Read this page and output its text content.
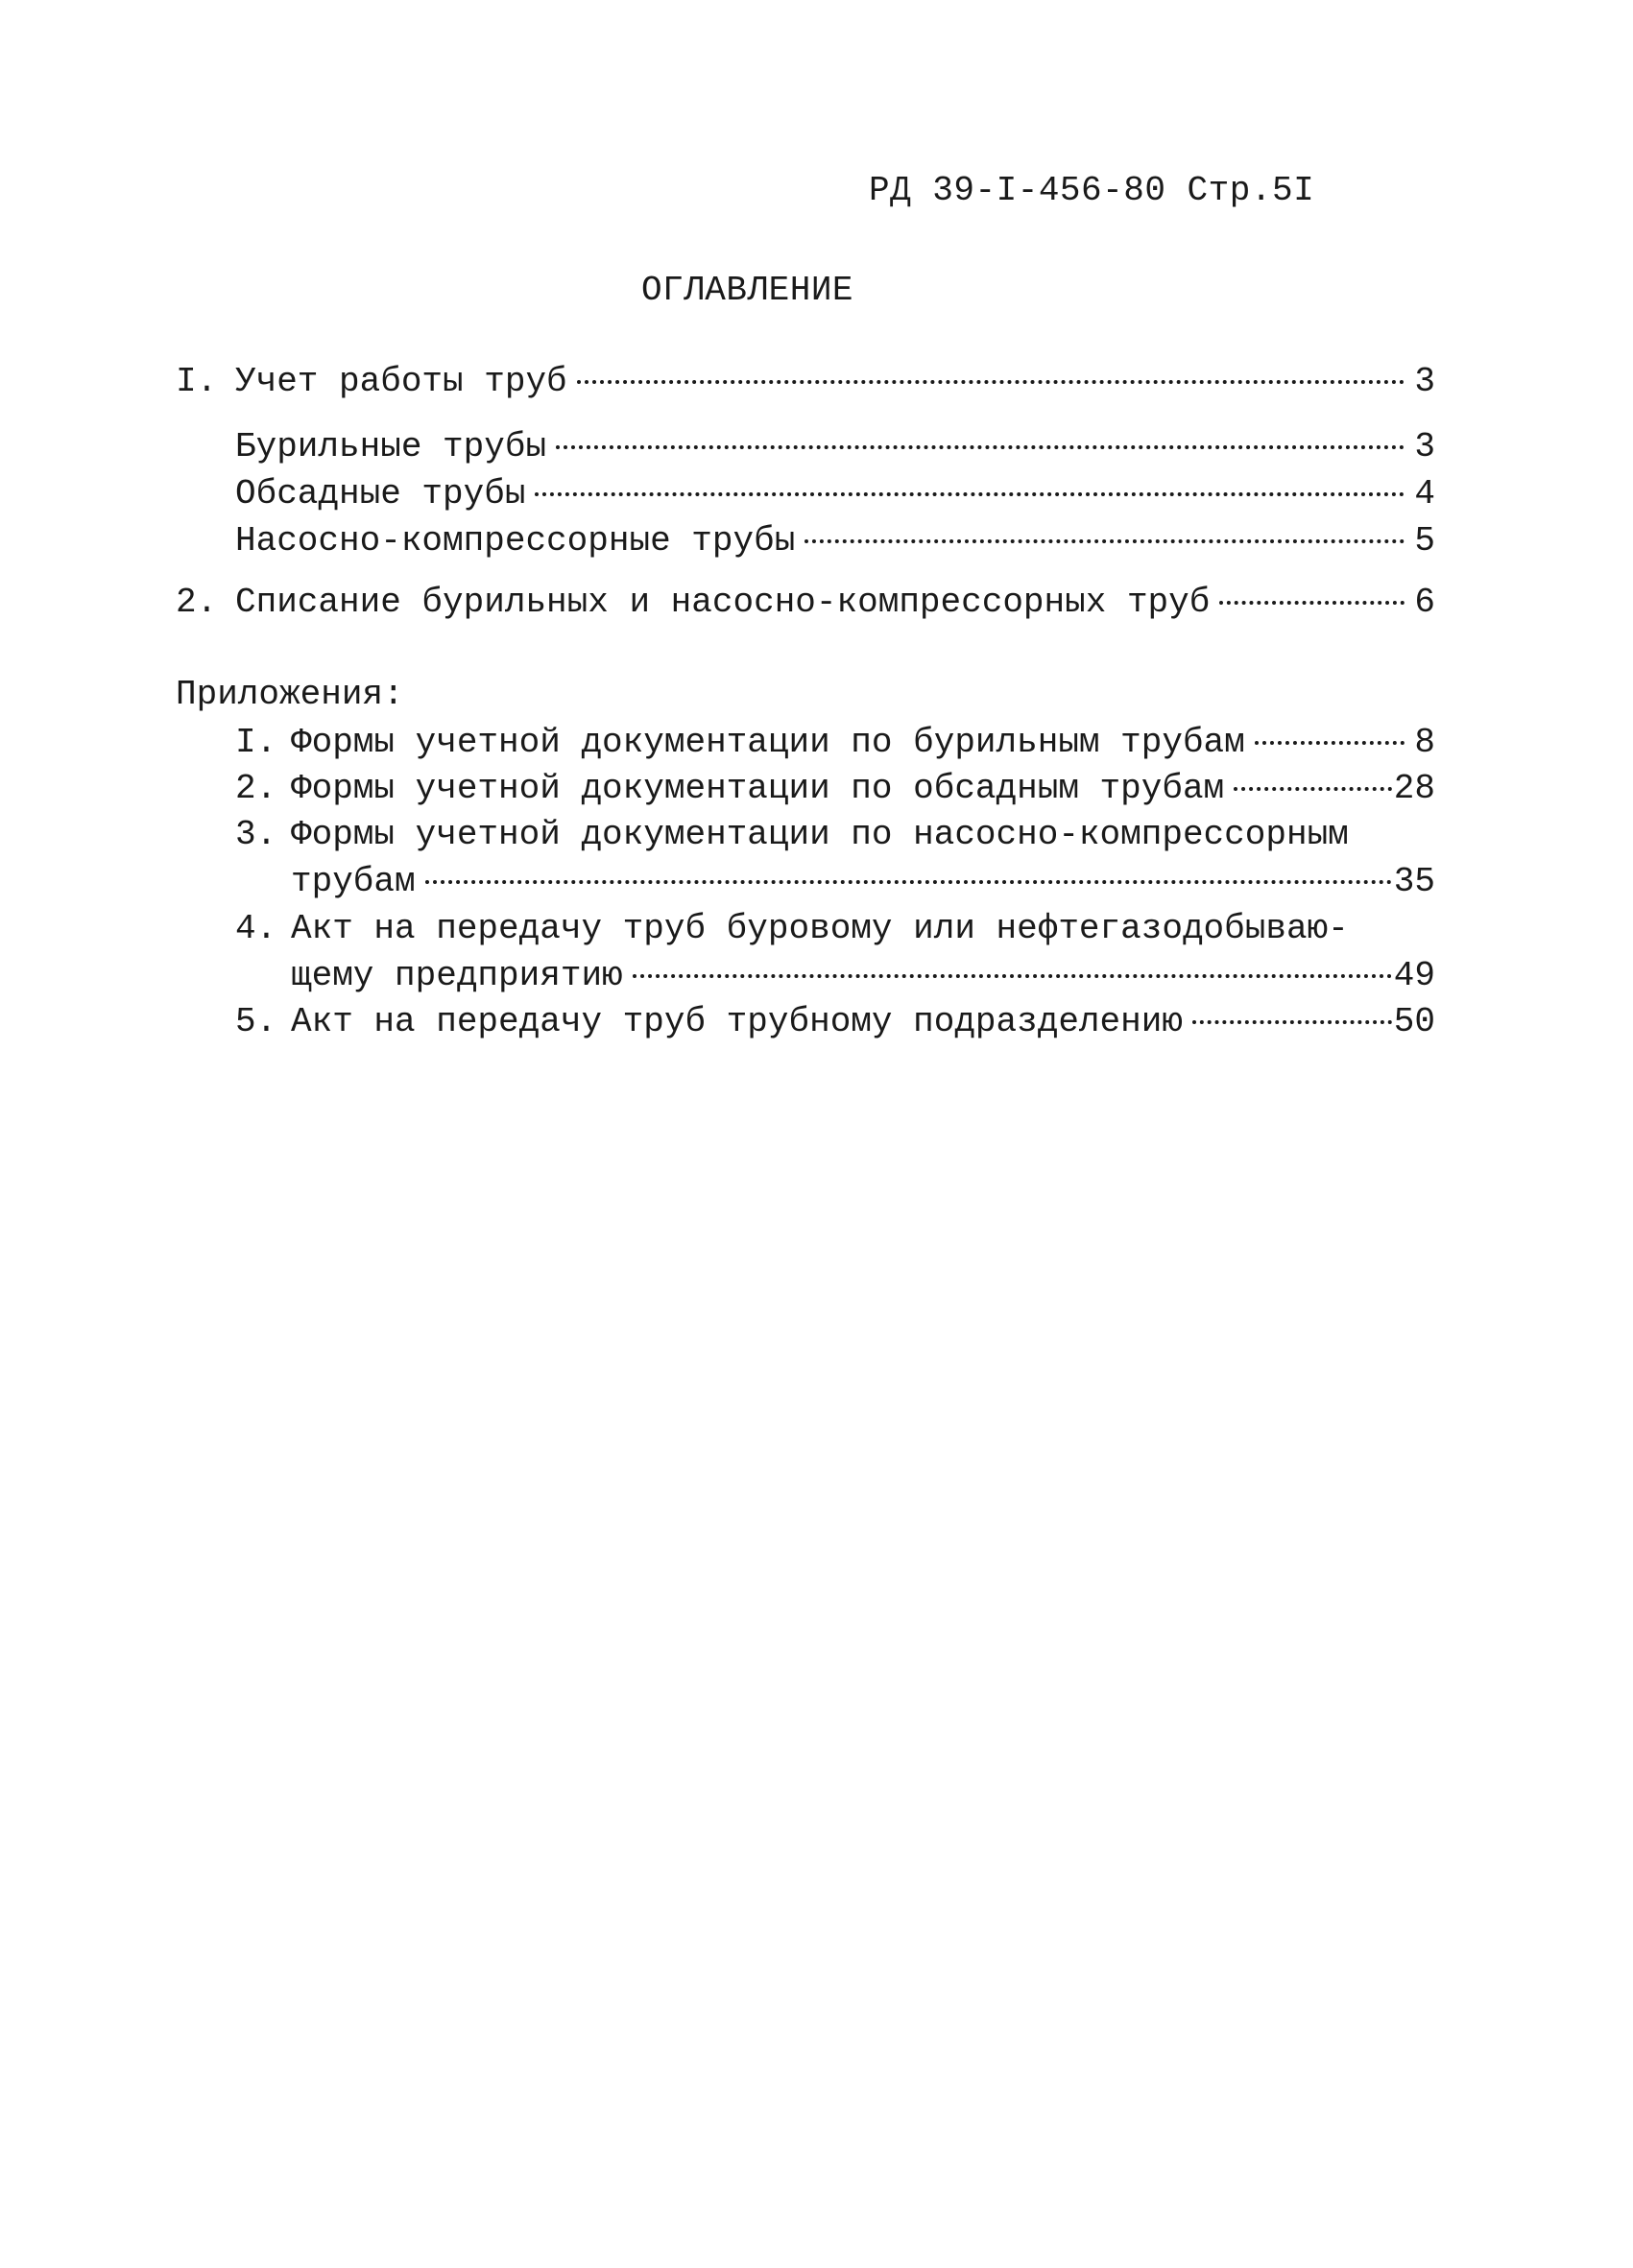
РД 39-I-456-80 Стр.5I
ОГЛАВЛЕНИЕ
I. Учет работы труб	3
Бурильные трубы	3
Обсадные трубы	4
Насосно-компрессорные трубы	5
2. Списание бурильных и насосно-компрессорных труб	6
Приложения:
I. Формы учетной документации по бурильным трубам	8
2. Формы учетной документации по обсадным трубам	28
3. Формы учетной документации по насосно-компрессорным
трубам	35
4. Акт на передачу труб буровому или нефтегазодобываю-
щему предприятию	49
5. Акт на передачу труб трубному подразделению	50
